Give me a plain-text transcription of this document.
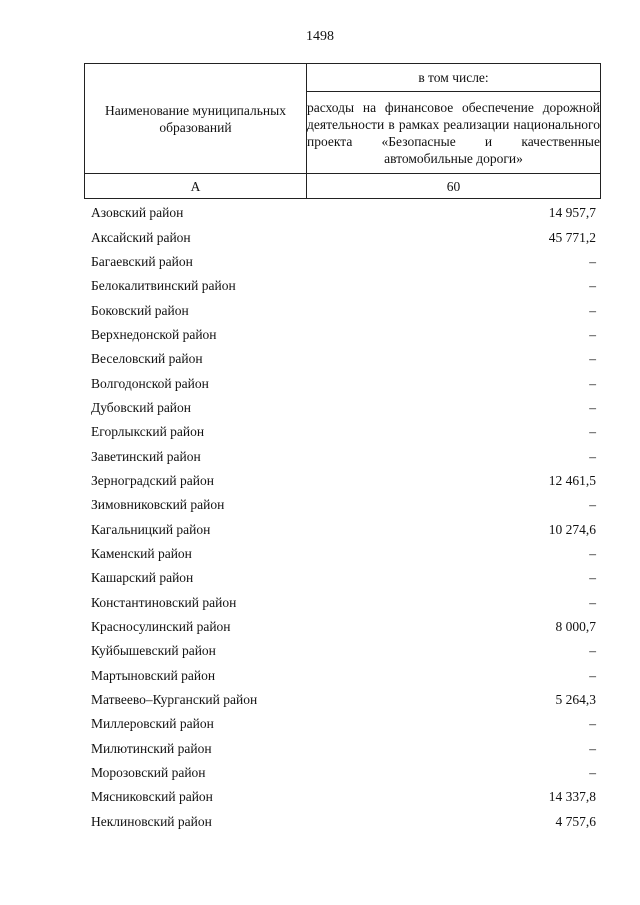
1498
Наименование муниципальных образований	в том числе:

	расходы на финансовое обеспечение дорожной деятельности в рамках реализации национального проекта «Безопасные и качественные автомобильные дороги»

А	60
Азовский район	14 957,7
Аксайский район	45 771,2
Багаевский район	–
Белокалитвинский район	–
Боковский район	–
Верхнедонской район	–
Веселовский район	–
Волгодонской район	–
Дубовский район	–
Егорлыкский район	–
Заветинский район	–
Зерноградский район	12 461,5
Зимовниковский район	–
Кагальницкий район	10 274,6
Каменский район	–
Кашарский район	–
Константиновский район	–
Красносулинский район	8 000,7
Куйбышевский район	–
Мартыновский район	–
Матвеево–Курганский район	5 264,3
Миллеровский район	–
Милютинский район	–
Морозовский район	–
Мясниковский район	14 337,8
Неклиновский район	4 757,6
